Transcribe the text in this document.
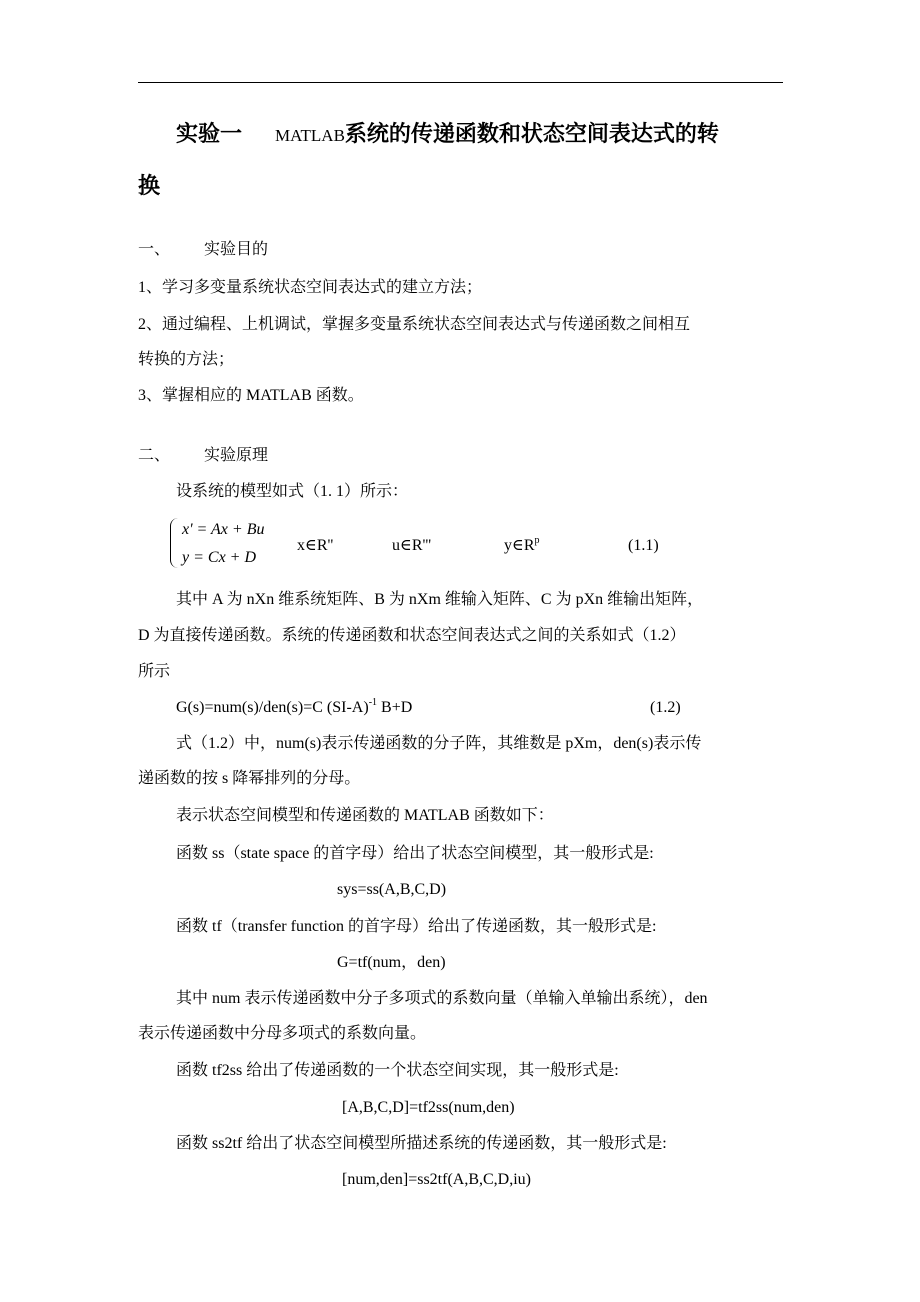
实验一 MATLAB系统的传递函数和状态空间表达式的转
换
一、 实验目的
1、学习多变量系统状态空间表达式的建立方法；
2、通过编程、上机调试，掌握多变量系统状态空间表达式与传递函数之间相互
转换的方法；
3、掌握相应的 MATLAB 函数。
二、 实验原理
设系统的模型如式（1. 1）所示：
x' = Ax + Bu
y = Cx + D
x∈R''	u∈R'''	$y\in R^p$	(1.1)
其中 A 为 nXn 维系统矩阵、B 为 nXm 维输入矩阵、C 为 pXn 维输出矩阵，
D 为直接传递函数。系统的传递函数和状态空间表达式之间的关系如式（1.2）
所示
G(s)=num(s)/den(s)=C $(SI-A)^{-1}$ B+D	(1.2)
式（1.2）中，num(s)表示传递函数的分子阵，其维数是 pXm，den(s)表示传
递函数的按 s 降幂排列的分母。
表示状态空间模型和传递函数的 MATLAB 函数如下：
函数 ss（state space 的首字母）给出了状态空间模型，其一般形式是:
sys=ss(A,B,C,D)
函数 tf（transfer function 的首字母）给出了传递函数，其一般形式是:
G=tf(num，den)
其中 num 表示传递函数中分子多项式的系数向量（单输入单输出系统），den
表示传递函数中分母多项式的系数向量。
函数 tf2ss 给出了传递函数的一个状态空间实现，其一般形式是:
[A,B,C,D]=tf2ss(num,den)
函数 ss2tf 给出了状态空间模型所描述系统的传递函数，其一般形式是:
[num,den]=ss2tf(A,B,C,D,iu)
